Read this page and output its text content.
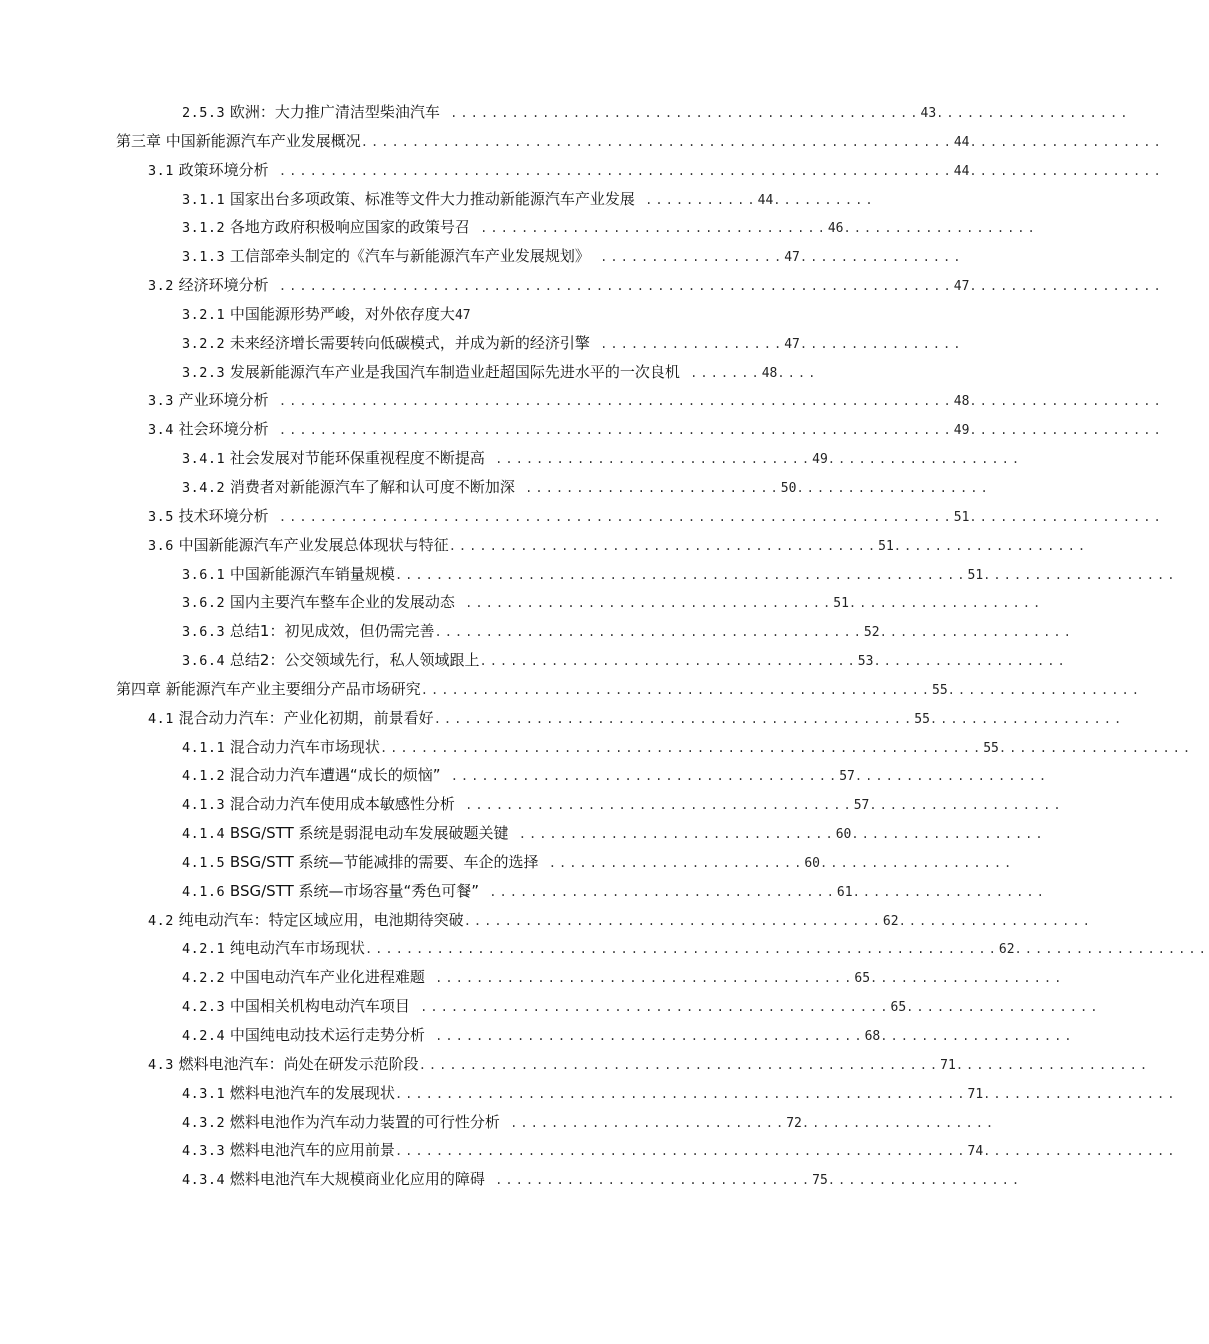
2.5.3 欧洲：大力推广清洁型柴油汽车 ..............................................43...................
第三章 中国新能源汽车产业发展概况..........................................................44...................
3.1 政策环境分析 ..................................................................44...................
3.1.1 国家出台多项政策、标准等文件大力推动新能源汽车产业发展 ...........44..........
3.1.2 各地方政府积极响应国家的政策号召 ..................................46...................
3.1.3 工信部牵头制定的《汽车与新能源汽车产业发展规划》 ..................47................
3.2 经济环境分析 ..................................................................47...................
3.2.1 中国能源形势严峻，对外依存度大47
3.2.2 未来经济增长需要转向低碳模式，并成为新的经济引擎 ..................47................
3.2.3 发展新能源汽车产业是我国汽车制造业赶超国际先进水平的一次良机 .......48....
3.3 产业环境分析 ..................................................................48...................
3.4 社会环境分析 ..................................................................49...................
3.4.1 社会发展对节能环保重视程度不断提高 ...............................49...................
3.4.2 消费者对新能源汽车了解和认可度不断加深 .........................50...................
3.5 技术环境分析 ..................................................................51...................
3.6 中国新能源汽车产业发展总体现状与特征..........................................51...................
3.6.1 中国新能源汽车销量规模........................................................51...................
3.6.2 国内主要汽车整车企业的发展动态 ....................................51...................
3.6.3 总结1：初见成效，但仍需完善..........................................52...................
3.6.4 总结2：公交领域先行，私人领域跟上.....................................53...................
第四章 新能源汽车产业主要细分产品市场研究..................................................55...................
4.1 混合动力汽车：产业化初期，前景看好...............................................55...................
4.1.1 混合动力汽车市场现状...........................................................55...................
4.1.2 混合动力汽车遭遇“成长的烦恼” ......................................57...................
4.1.3 混合动力汽车使用成本敏感性分析 ......................................57...................
4.1.4 BSG/STT 系统是弱混电动车发展破题关键 ...............................60...................
4.1.5 BSG/STT 系统—节能减排的需要、车企的选择 .........................60...................
4.1.6 BSG/STT 系统—市场容量“秀色可餐” ..................................61...................
4.2 纯电动汽车：特定区域应用，电池期待突破.........................................62...................
4.2.1 纯电动汽车市场现状..............................................................62...................
4.2.2 中国电动汽车产业化进程难题 .........................................65...................
4.2.3 中国相关机构电动汽车项目 ..............................................65...................
4.2.4 中国纯电动技术运行走势分析 ..........................................68...................
4.3 燃料电池汽车：尚处在研发示范阶段...................................................71...................
4.3.1 燃料电池汽车的发展现状........................................................71...................
4.3.2 燃料电池作为汽车动力装置的可行性分析 ...........................72...................
4.3.3 燃料电池汽车的应用前景........................................................74...................
4.3.4 燃料电池汽车大规模商业化应用的障碍 ...............................75...................
